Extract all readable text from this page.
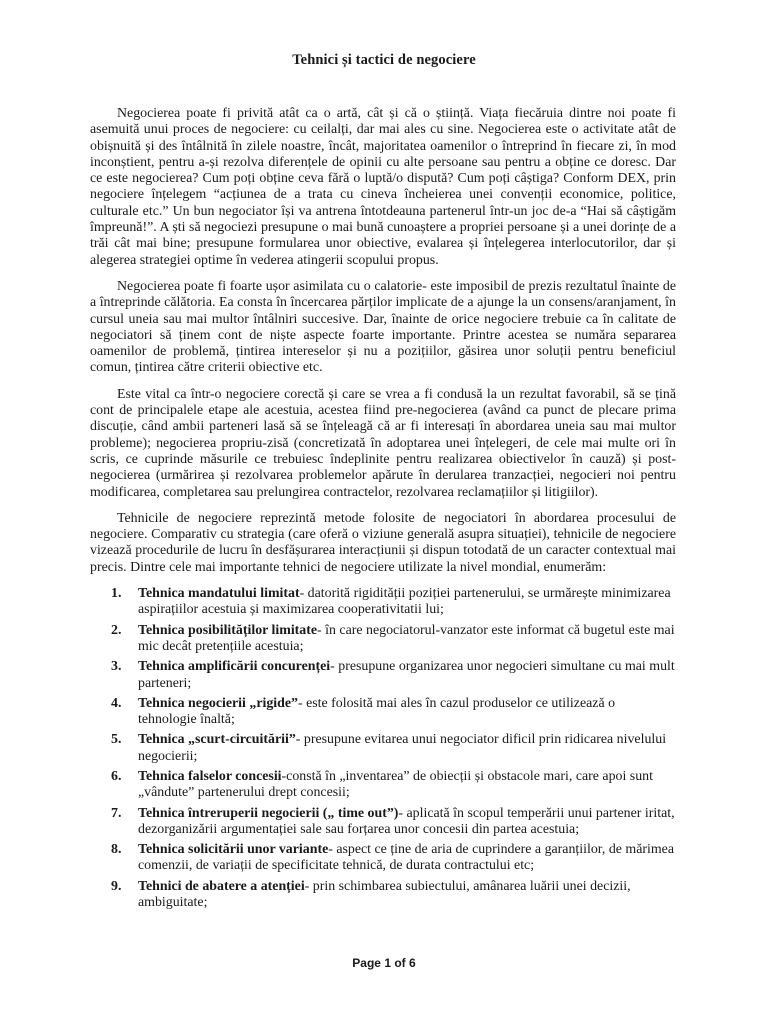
Tehnici și tactici de negociere

Negocierea poate fi privită atât ca o artă, cât și că o știință. Viața fiecăruia dintre noi poate fi asemuită unui proces de negociere: cu ceilalți, dar mai ales cu sine. Negocierea este o activitate atât de obișnuită și des întâlnită în zilele noastre, încât, majoritatea oamenilor o întreprind în fiecare zi, în mod inconștient, pentru a-și rezolva diferențele de opinii cu alte persoane sau pentru a obține ce doresc. Dar ce este negocierea? Cum poți obține ceva fără o luptă/o dispută? Cum poți câștiga? Conform DEX, prin negociere înțelegem “acțiunea de a trata cu cineva încheierea unei convenții economice, politice, culturale etc.” Un bun negociator își va antrena întotdeauna partenerul într-un joc de-a “Hai să câștigăm împreună!”. A ști să negociezi presupune o mai bună cunoaștere a propriei persoane și a unei dorințe de a trăi cât mai bine; presupune formularea unor obiective, evalarea și înțelegerea interlocutorilor, dar și alegerea strategiei optime în vederea atingerii scopului propus.

Negocierea poate fi foarte ușor asimilata cu o calatorie- este imposibil de prezis rezultatul înainte de a întreprinde călătoria. Ea consta în încercarea părților implicate de a ajunge la un consens/aranjament, în cursul uneia sau mai multor întâlniri succesive. Dar, înainte de orice negociere trebuie ca în calitate de negociatori să ținem cont de niște aspecte foarte importante. Printre acestea se număra separarea oamenilor de problemă, țintirea intereselor și nu a pozițiilor, găsirea unor soluții pentru beneficiul comun, țintirea către criterii obiective etc.

Este vital ca într-o negociere corectă și care se vrea a fi condusă la un rezultat favorabil, să se țină cont de principalele etape ale acestuia, acestea fiind pre-negocierea (având ca punct de plecare prima discuție, când ambii parteneri lasă să se înțeleagă că ar fi interesați în abordarea uneia sau mai multor probleme); negocierea propriu-zisă (concretizată în adoptarea unei înțelegeri, de cele mai multe ori în scris, ce cuprinde măsurile ce trebuiesc îndeplinite pentru realizarea obiectivelor în cauză) și post-negocierea (urmărirea și rezolvarea problemelor apărute în derularea tranzacției, negocieri noi pentru modificarea, completarea sau prelungirea contractelor, rezolvarea reclamațiilor și litigiilor).

Tehnicile de negociere reprezintă metode folosite de negociatori în abordarea procesului de negociere. Comparativ cu strategia (care oferă o viziune generală asupra situației), tehnicile de negociere vizează procedurile de lucru în desfășurarea interacțiunii și dispun totodată de un caracter contextual mai precis. Dintre cele mai importante tehnici de negociere utilizate la nivel mondial, enumerăm:

1. Tehnica mandatului limitat- datorită rigidității poziției partenerului, se urmărește minimizarea aspirațiilor acestuia și maximizarea cooperativitatii lui;
2. Tehnica posibilităților limitate- în care negociatorul-vanzator este informat că bugetul este mai mic decât pretențiile acestuia;
3. Tehnica amplificării concurenței- presupune organizarea unor negocieri simultane cu mai mult parteneri;
4. Tehnica negocierii „rigide”- este folosită mai ales în cazul produselor ce utilizează o tehnologie înaltă;
5. Tehnica „scurt-circuitării”- presupune evitarea unui negociator dificil prin ridicarea nivelului negocierii;
6. Tehnica falselor concesii-constă în „inventarea” de obiecții și obstacole mari, care apoi sunt „vândute” partenerului drept concesii;
7. Tehnica întreruperii negocierii („ time out”)- aplicată în scopul temperării unui partener iritat, dezorganizării argumentației sale sau forțarea unor concesii din partea acestuia;
8. Tehnica solicitării unor variante- aspect ce ține de aria de cuprindere a garanțiilor, de mărimea comenzii, de variații de specificitate tehnică, de durata contractului etc;
9. Tehnici de abatere a atenției- prin schimbarea subiectului, amânarea luării unei decizii, ambiguitate;
Page 1 of 6
